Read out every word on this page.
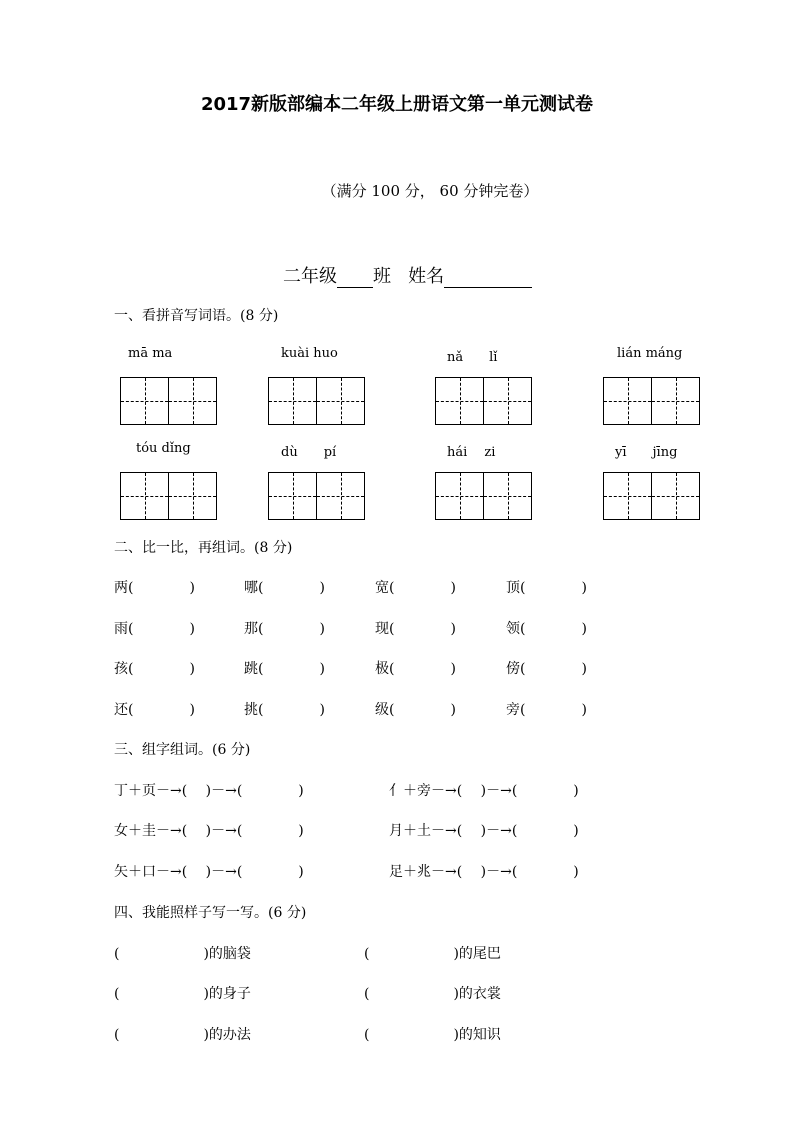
2017新版部编本二年级上册语文第一单元测试卷
（满分 100 分， 60 分钟完卷）
二年级 班 姓名
一、看拼音写词语。(8 分)
mā ma	kuài huo	nǎ　　lǐ	lián máng
tóu dǐng	dù　　pí	hái　 zi	yī　　jīng
二、比一比，再组词。(8 分)
两(　　　　)	哪(　　　　)	宽(　　　　)	顶(　　　　)
雨(　　　　)	那(　　　　)	现(　　　　)	领(　　　　)
孩(　　　　)	跳(　　　　)	极(　　　　)	傍(　　　　)
还(　　　　)	挑(　　　　)	级(　　　　)	旁(　　　　)
三、组字组词。(6 分)
丁＋页－→(　 )－→(　　　　)	亻＋旁－→(　 )－→(　　　　)
女＋圭－→(　 )－→(　　　　)	月＋土－→(　 )－→(　　　　)
矢＋口－→(　 )－→(　　　　)	足＋兆－→(　 )－→(　　　　)
四、我能照样子写一写。(6 分)
(　　　　　　)的脑袋	(　　　　　　)的尾巴
(　　　　　　)的身子	(　　　　　　)的衣裳
(　　　　　　)的办法	(　　　　　　)的知识
